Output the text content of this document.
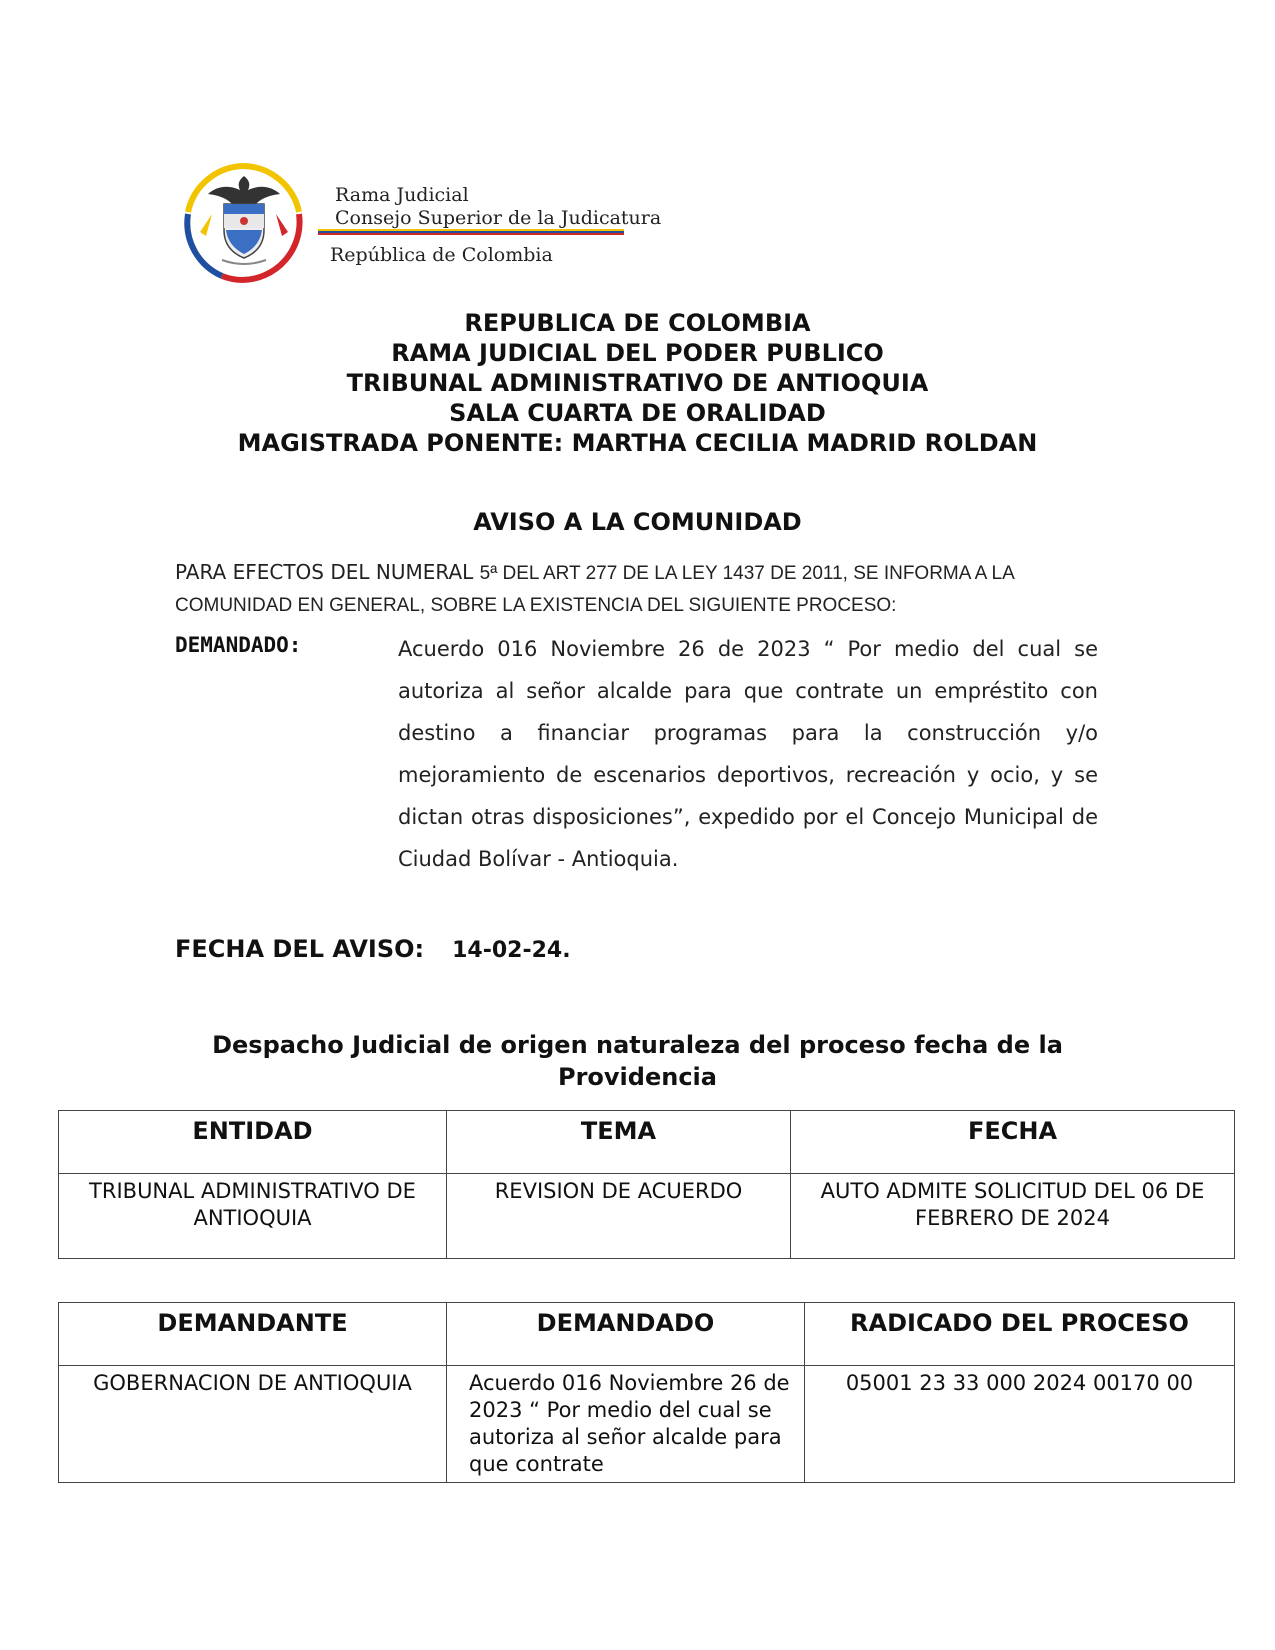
Rama Judicial
Consejo Superior de la Judicatura
República de Colombia
REPUBLICA DE COLOMBIA
RAMA JUDICIAL DEL PODER PUBLICO
TRIBUNAL ADMINISTRATIVO DE ANTIOQUIA
SALA CUARTA DE ORALIDAD
MAGISTRADA PONENTE: MARTHA CECILIA MADRID ROLDAN
AVISO A LA COMUNIDAD
PARA EFECTOS DEL NUMERAL 5ª DEL ART 277 DE LA LEY 1437 DE 2011, SE INFORMA A LA COMUNIDAD EN GENERAL, SOBRE LA EXISTENCIA DEL SIGUIENTE PROCESO:
DEMANDADO:	Acuerdo 016 Noviembre 26 de 2023 “ Por medio del cual se autoriza al señor alcalde para que contrate un empréstito con destino a financiar programas para la construcción y/o mejoramiento de escenarios deportivos, recreación y ocio, y se dictan otras disposiciones”, expedido por el Concejo Municipal de Ciudad Bolívar - Antioquia.
FECHA DEL AVISO: 14-02-24.
Despacho Judicial de origen naturaleza del proceso fecha de la
Providencia
ENTIDAD	TEMA	FECHA
TRIBUNAL ADMINISTRATIVO DE ANTIOQUIA	REVISION DE ACUERDO	AUTO ADMITE SOLICITUD DEL 06 DE FEBRERO DE 2024
DEMANDANTE	DEMANDADO	RADICADO DEL PROCESO
GOBERNACION DE ANTIOQUIA	Acuerdo 016 Noviembre 26 de 2023 “ Por medio del cual se autoriza al señor alcalde para que contrate	05001 23 33 000 2024 00170 00
